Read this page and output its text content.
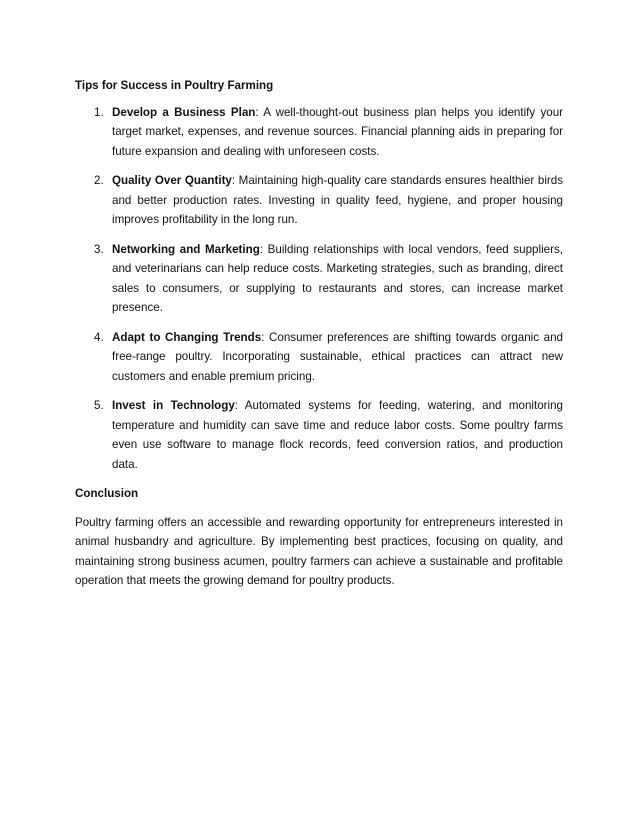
Tips for Success in Poultry Farming
1. Develop a Business Plan: A well-thought-out business plan helps you identify your target market, expenses, and revenue sources. Financial planning aids in preparing for future expansion and dealing with unforeseen costs.
2. Quality Over Quantity: Maintaining high-quality care standards ensures healthier birds and better production rates. Investing in quality feed, hygiene, and proper housing improves profitability in the long run.
3. Networking and Marketing: Building relationships with local vendors, feed suppliers, and veterinarians can help reduce costs. Marketing strategies, such as branding, direct sales to consumers, or supplying to restaurants and stores, can increase market presence.
4. Adapt to Changing Trends: Consumer preferences are shifting towards organic and free-range poultry. Incorporating sustainable, ethical practices can attract new customers and enable premium pricing.
5. Invest in Technology: Automated systems for feeding, watering, and monitoring temperature and humidity can save time and reduce labor costs. Some poultry farms even use software to manage flock records, feed conversion ratios, and production data.
Conclusion

Poultry farming offers an accessible and rewarding opportunity for entrepreneurs interested in animal husbandry and agriculture. By implementing best practices, focusing on quality, and maintaining strong business acumen, poultry farmers can achieve a sustainable and profitable operation that meets the growing demand for poultry products.
